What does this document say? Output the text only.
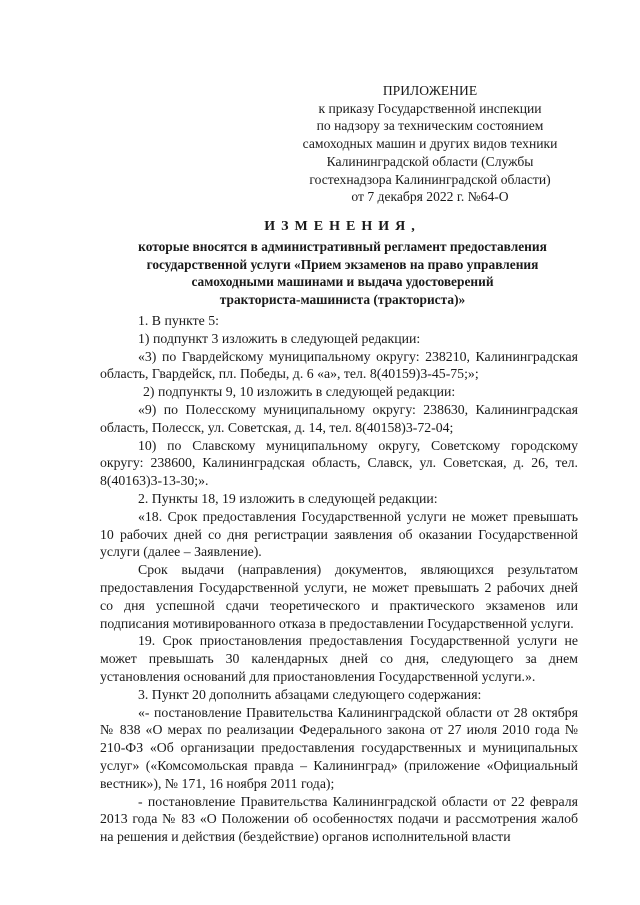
ПРИЛОЖЕНИЕ
к приказу Государственной инспекции
по надзору за техническим состоянием
самоходных машин и других видов техники
Калининградской области (Службы
гостехнадзора Калининградской области)
от 7 декабря 2022 г. №64-О
ИЗМЕНЕНИЯ,
которые вносятся в административный регламент предоставления
государственной услуги «Прием экзаменов на право управления
самоходными машинами и выдача удостоверений
тракториста-машиниста (тракториста)»

1. В пункте 5:

1) подпункт 3 изложить в следующей редакции:

«3) по Гвардейскому муниципальному округу: 238210, Калининградская область, Гвардейск, пл. Победы, д. 6 «а», тел. 8(40159)3-45-75;»;

2) подпункты 9, 10 изложить в следующей редакции:

«9) по Полесскому муниципальному округу: 238630, Калининградская область, Полесск, ул. Советская, д. 14, тел. 8(40158)3-72-04;

10) по Славскому муниципальному округу, Советскому городскому округу: 238600, Калининградская область, Славск, ул. Советская, д. 26, тел. 8(40163)3-13-30;».

2. Пункты 18, 19 изложить в следующей редакции:

«18. Срок предоставления Государственной услуги не может превышать 10 рабочих дней со дня регистрации заявления об оказании Государственной услуги (далее – Заявление).

Срок выдачи (направления) документов, являющихся результатом предоставления Государственной услуги, не может превышать 2 рабочих дней со дня успешной сдачи теоретического и практического экзаменов или подписания мотивированного отказа в предоставлении Государственной услуги.

19. Срок приостановления предоставления Государственной услуги не может превышать 30 календарных дней со дня, следующего за днем установления оснований для приостановления Государственной услуги.».

3. Пункт 20 дополнить абзацами следующего содержания:

«- постановление Правительства Калининградской области от 28 октября № 838 «О мерах по реализации Федерального закона от 27 июля 2010 года № 210-ФЗ «Об организации предоставления государственных и муниципальных услуг» («Комсомольская правда – Калининград» (приложение «Официальный вестник»), № 171, 16 ноября 2011 года);

- постановление Правительства Калининградской области от 22 февраля 2013 года № 83 «О Положении об особенностях подачи и рассмотрения жалоб на решения и действия (бездействие) органов исполнительной власти
